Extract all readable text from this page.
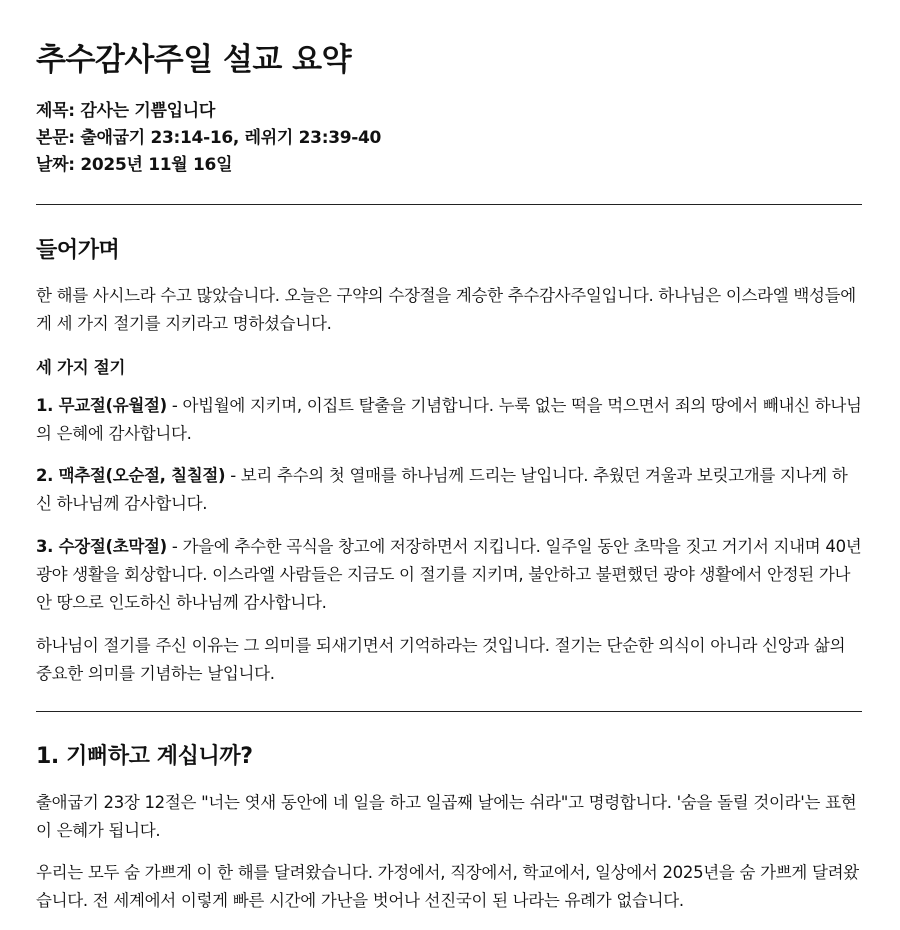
추수감사주일 설교 요약
제목: 감사는 기쁨입니다
본문: 출애굽기 23:14-16, 레위기 23:39-40
날짜: 2025년 11월 16일
들어가며

한 해를 사시느라 수고 많았습니다. 오늘은 구약의 수장절을 계승한 추수감사주일입니다. 하나님은 이스라엘 백성들에게 세 가지 절기를 지키라고 명하셨습니다.

세 가지 절기

1. 무교절(유월절) - 아빕월에 지키며, 이집트 탈출을 기념합니다. 누룩 없는 떡을 먹으면서 죄의 땅에서 빼내신 하나님의 은혜에 감사합니다.

2. 맥추절(오순절, 칠칠절) - 보리 추수의 첫 열매를 하나님께 드리는 날입니다. 추웠던 겨울과 보릿고개를 지나게 하신 하나님께 감사합니다.

3. 수장절(초막절) - 가을에 추수한 곡식을 창고에 저장하면서 지킵니다. 일주일 동안 초막을 짓고 거기서 지내며 40년 광야 생활을 회상합니다. 이스라엘 사람들은 지금도 이 절기를 지키며, 불안하고 불편했던 광야 생활에서 안정된 가나안 땅으로 인도하신 하나님께 감사합니다.

하나님이 절기를 주신 이유는 그 의미를 되새기면서 기억하라는 것입니다. 절기는 단순한 의식이 아니라 신앙과 삶의 중요한 의미를 기념하는 날입니다.

1. 기뻐하고 계십니까?

출애굽기 23장 12절은 "너는 엿새 동안에 네 일을 하고 일곱째 날에는 쉬라"고 명령합니다. '숨을 돌릴 것이라'는 표현이 은혜가 됩니다.

우리는 모두 숨 가쁘게 이 한 해를 달려왔습니다. 가정에서, 직장에서, 학교에서, 일상에서 2025년을 숨 가쁘게 달려왔습니다. 전 세계에서 이렇게 빠른 시간에 가난을 벗어나 선진국이 된 나라는 유례가 없습니다.
